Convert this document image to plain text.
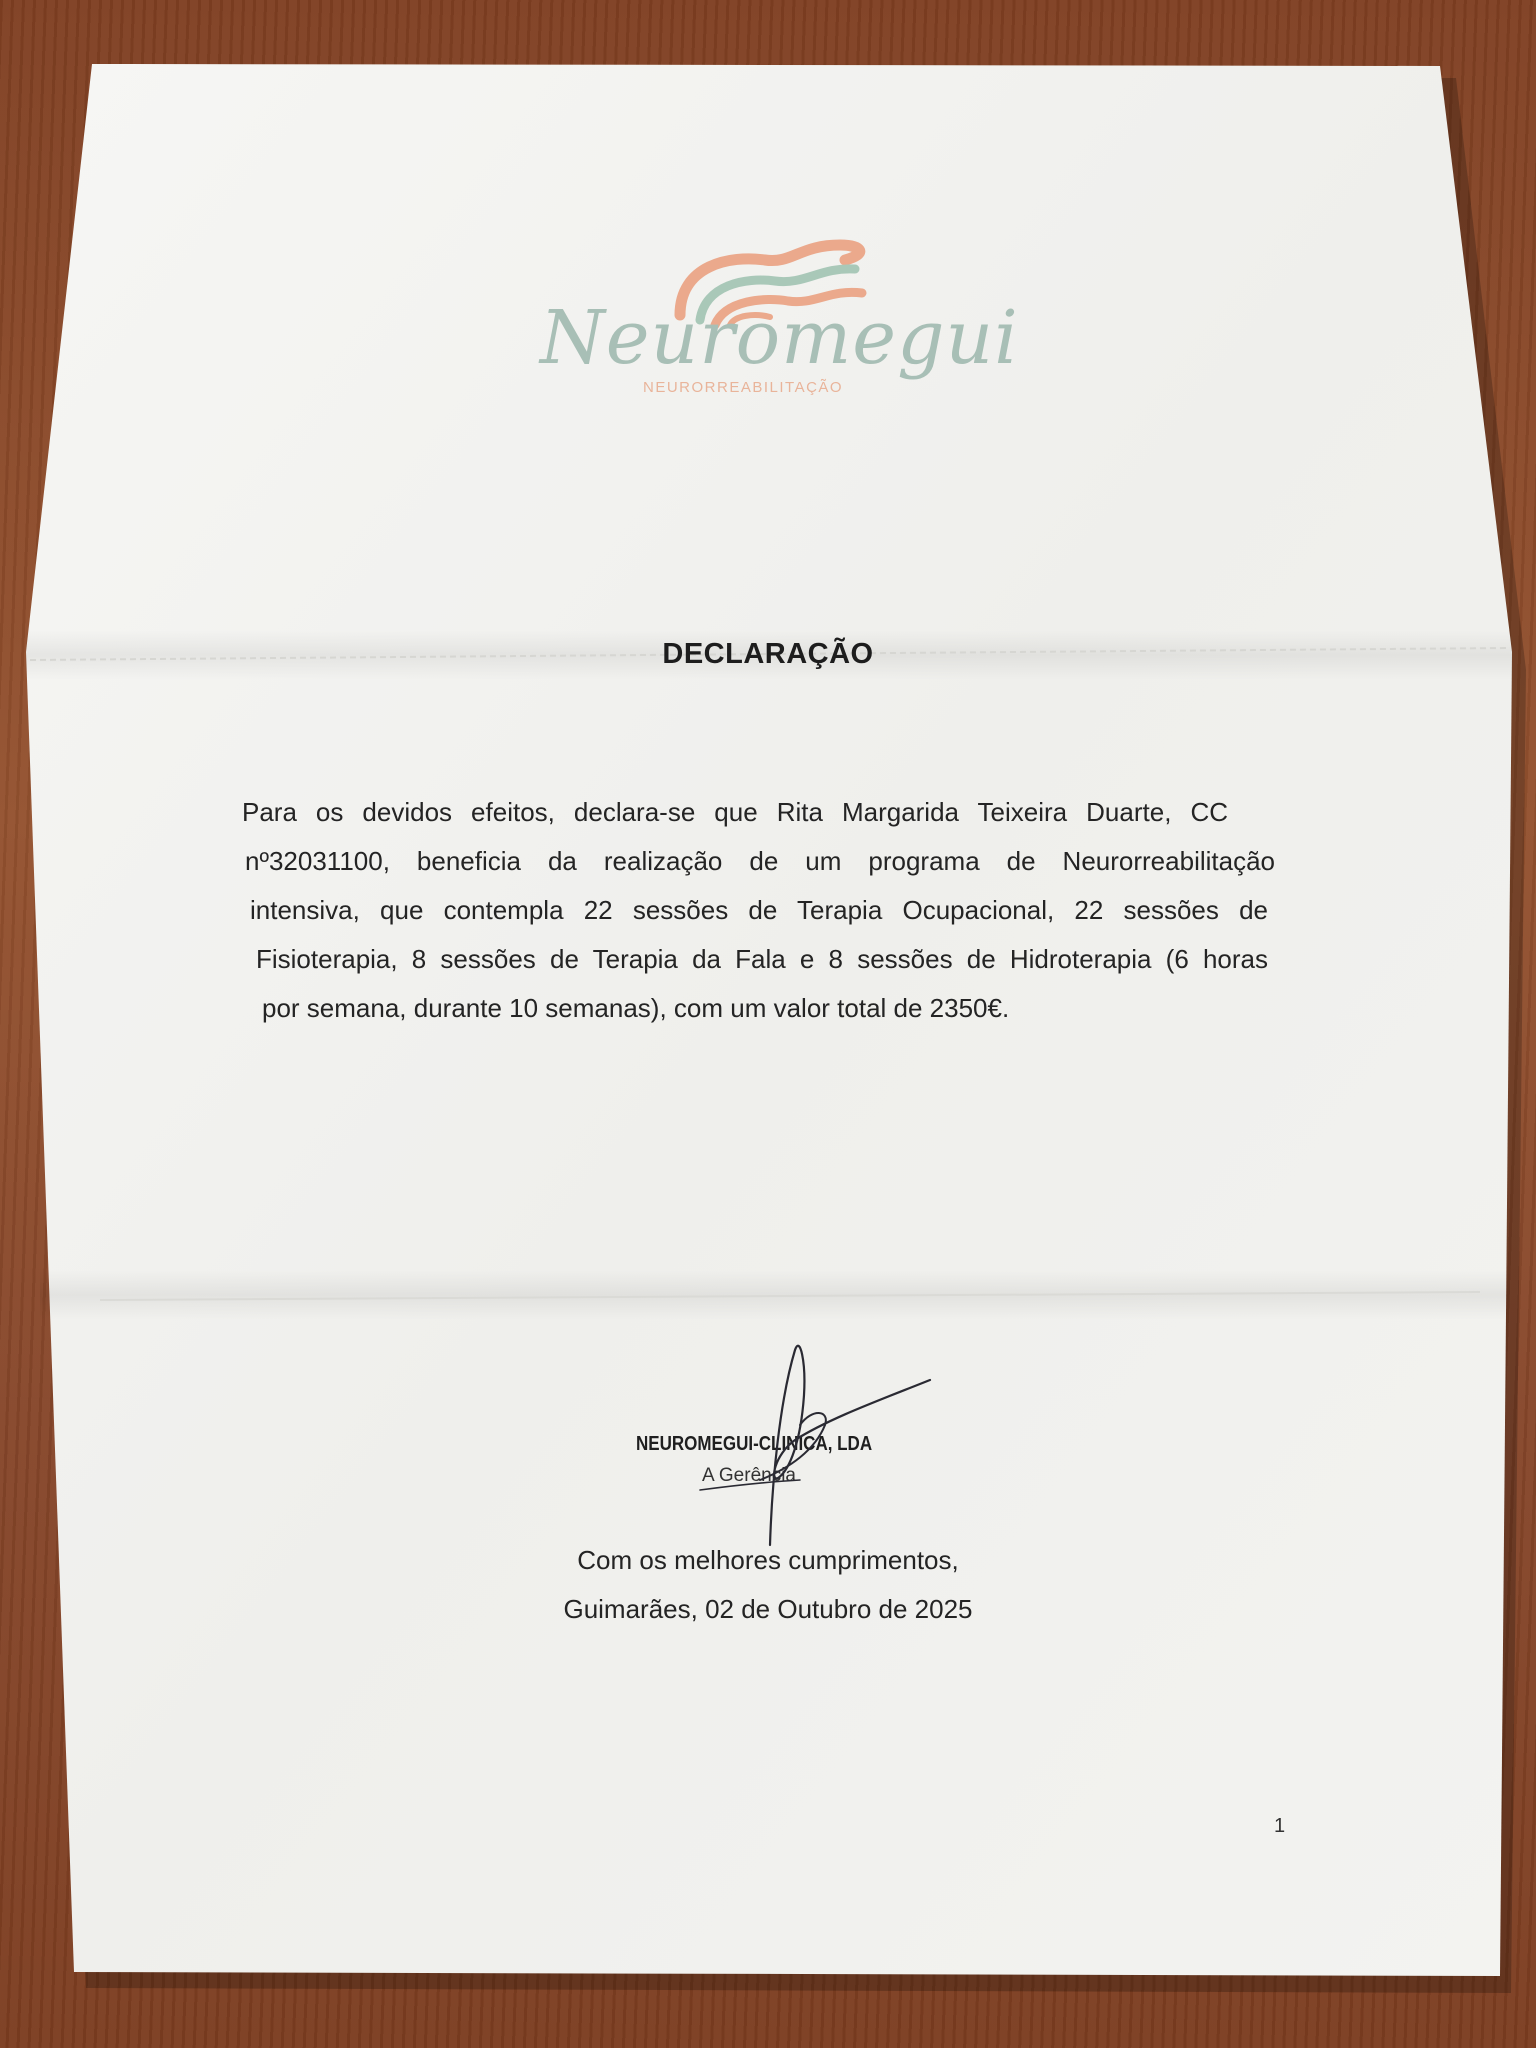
Neuromegui
NEURORREABILITAÇÃO
DECLARAÇÃO
Para os devidos efeitos, declara-se que Rita Margarida Teixeira Duarte, CC
nº32031100, beneficia da realização de um programa de Neurorreabilitação
intensiva, que contempla 22 sessões de Terapia Ocupacional, 22 sessões de
Fisioterapia, 8 sessões de Terapia da Fala e 8 sessões de Hidroterapia (6 horas
por semana, durante 10 semanas), com um valor total de 2350€.
NEUROMEGUI-CLINICA, LDA
A Gerência
Com os melhores cumprimentos,
Guimarães, 02 de Outubro de 2025
1
